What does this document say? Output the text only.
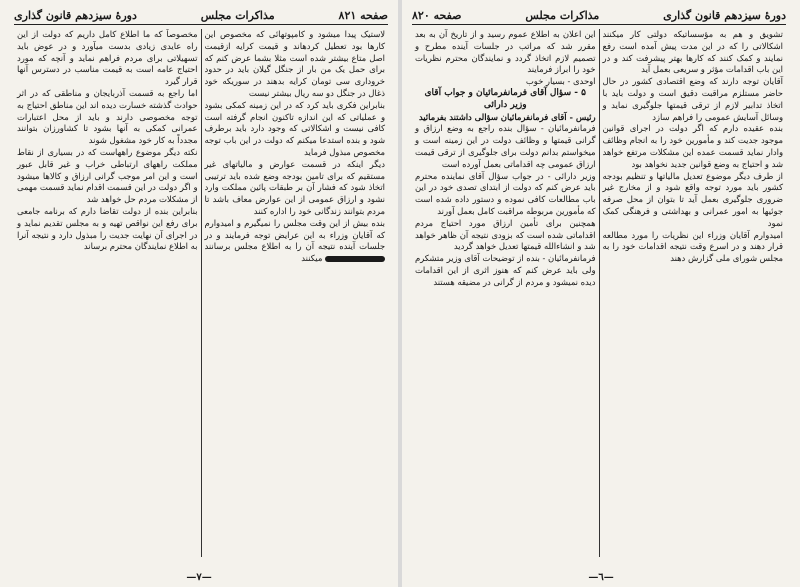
صفحه ۸۲۱
مذاکرات مجلس
دورهٔ سیزدهم قانون گذاری

لاستیک پیدا میشود و کامپوتهائی که مخصوص این کارها بود تعطیل کردهاند و قیمت کرایه ازقیمت اصل متاع بیشتر شده است مثلا بشما عرض کنم که برای حمل یک من بار از جنگل گیلان باید در حدود خروداری سی تومان کرایه بدهند در سوریکه خود ذغال در جنگل دو سه ریال بیشتر نیست

بنابراین فکری باید کرد که در این زمینه کمکی بشود و عملیاتی که این اندازه تاکنون انجام گرفته است کافی نیست و اشکالاتی که وجود دارد باید برطرف شود و بنده استدعا میکنم که دولت در این باب توجه مخصوص مبذول فرماید

دیگر اینکه در قسمت عوارض و مالیاتهای غیر مستقیم که برای تامین بودجه وضع شده باید ترتیبی اتخاذ شود که فشار آن بر طبقات پائین مملکت وارد نشود و ارزاق عمومی از این عوارض معاف باشد تا مردم بتوانند زندگانی خود را اداره کنند

بنده بیش از این وقت مجلس را نمیگیرم و امیدوارم که آقایان وزراء به این عرایض توجه فرمایند و در جلسات آینده نتیجه آن را به اطلاع مجلس برسانند  میکنند

مخصوصاً که ما اطلاع کامل داریم که دولت از این راه عایدی زیادی بدست میآورد و در عوض باید تسهیلاتی برای مردم فراهم نماید و آنچه که مورد احتیاج عامه است به قیمت مناسب در دسترس آنها قرار گیرد

اما راجع به قسمت آذربایجان و مناطقی که در اثر حوادث گذشته خسارت دیده اند این مناطق احتیاج به توجه مخصوصی دارند و باید از محل اعتبارات عمرانی کمکی به آنها بشود تا کشاورزان بتوانند مجدداً به کار خود مشغول شوند

نکته دیگر موضوع راههاست که در بسیاری از نقاط مملکت راههای ارتباطی خراب و غیر قابل عبور است و این امر موجب گرانی ارزاق و کالاها میشود و اگر دولت در این قسمت اقدام نماید قسمت مهمی از مشکلات مردم حل خواهد شد

بنابراین بنده از دولت تقاضا دارم که برنامه جامعی برای رفع این نواقص تهیه و به مجلس تقدیم نماید و در اجرای آن نهایت جدیت را مبذول دارد و نتیجه آنرا به اطلاع نمایندگان محترم برساند

—٧—
دورهٔ سیزدهم قانون گذاری
مذاکرات مجلس
صفحه ۸۲۰

تشویق و هم به مؤسساتیکه دولتی کار میکنند اشکالاتی را که در این مدت پیش آمده است رفع نمایند و کمک کنند که کارها بهتر پیشرفت کند و در این باب اقدامات مؤثر و سریعی بعمل آید

آقایان توجه دارند که وضع اقتصادی کشور در حال حاضر مستلزم مراقبت دقیق است و دولت باید با اتخاذ تدابیر لازم از ترقی قیمتها جلوگیری نماید و وسائل آسایش عمومی را فراهم سازد

بنده عقیده دارم که اگر دولت در اجرای قوانین موجود جدیت کند و مأمورین خود را به انجام وظائف وادار نماید قسمت عمده این مشکلات مرتفع خواهد شد و احتیاج به وضع قوانین جدید نخواهد بود

از طرف دیگر موضوع تعدیل مالیاتها و تنظیم بودجه کشور باید مورد توجه واقع شود و از مخارج غیر ضروری جلوگیری بعمل آید تا بتوان از محل صرفه جوئیها به امور عمرانی و بهداشتی و فرهنگی کمک نمود

امیدوارم آقایان وزراء این نظریات را مورد مطالعه قرار دهند و در اسرع وقت نتیجه اقدامات خود را به مجلس شورای ملی گزارش دهند

این اعلان به اطلاع عموم رسید و از تاریخ آن به بعد مقرر شد که مراتب در جلسات آینده مطرح و تصمیم لازم اتخاذ گردد و نمایندگان محترم نظریات خود را ابراز فرمایند

اوحدی - بسیار خوب

۵ - سؤال آقای فرمانفرمائیان و جواب آقای وزیر دارائی

رئیس - آقای فرمانفرمائیان سؤالی داشتند بفرمائید

فرمانفرمائیان - سؤال بنده راجع به وضع ارزاق و گرانی قیمتها و وظائف دولت در این زمینه است و میخواستم بدانم دولت برای جلوگیری از ترقی قیمت ارزاق عمومی چه اقداماتی بعمل آورده است

وزیر دارائی - در جواب سؤال آقای نماینده محترم باید عرض کنم که دولت از ابتدای تصدی خود در این باب مطالعات کافی نموده و دستور داده شده است که مأمورین مربوطه مراقبت کامل بعمل آورند

همچنین برای تأمین ارزاق مورد احتیاج مردم اقداماتی شده است که بزودی نتیجه آن ظاهر خواهد شد و انشاءالله قیمتها تعدیل خواهد گردید

فرمانفرمائیان - بنده از توضیحات آقای وزیر متشکرم ولی باید عرض کنم که هنوز اثری از این اقدامات دیده نمیشود و مردم از گرانی در مضیقه هستند

—٦—
